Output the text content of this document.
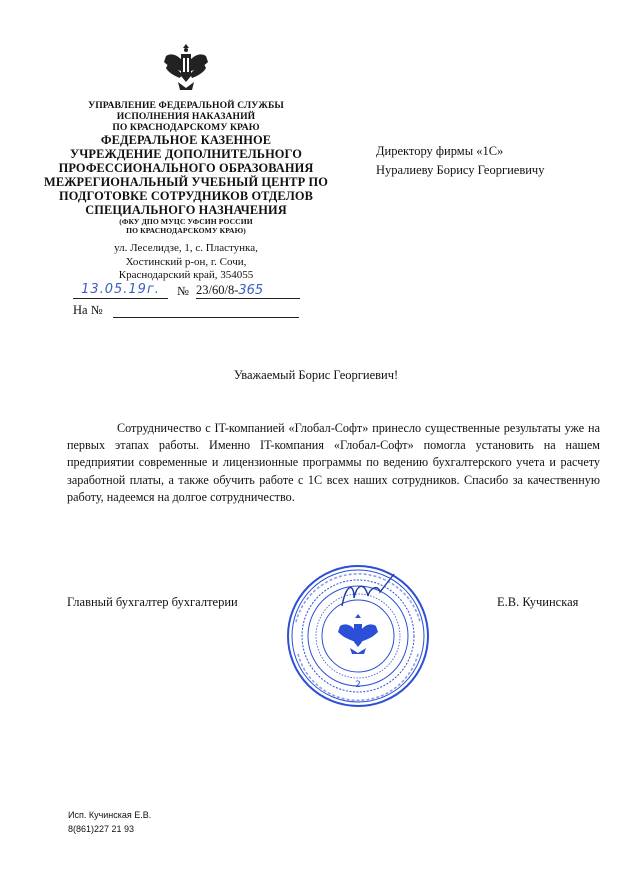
УПРАВЛЕНИЕ ФЕДЕРАЛЬНОЙ СЛУЖБЫ
ИСПОЛНЕНИЯ НАКАЗАНИЙ
ПО КРАСНОДАРСКОМУ КРАЮ
ФЕДЕРАЛЬНОЕ КАЗЕННОЕ
УЧРЕЖДЕНИЕ ДОПОЛНИТЕЛЬНОГО
ПРОФЕССИОНАЛЬНОГО ОБРАЗОВАНИЯ
МЕЖРЕГИОНАЛЬНЫЙ УЧЕБНЫЙ ЦЕНТР ПО
ПОДГОТОВКЕ СОТРУДНИКОВ ОТДЕЛОВ
СПЕЦИАЛЬНОГО НАЗНАЧЕНИЯ
(ФКУ ДПО МУЦС УФСИН РОССИИ
ПО КРАСНОДАРСКОМУ КРАЮ)
ул. Леселидзе, 1, с. Пластунка,
Хостинский р-он, г. Сочи,
Краснодарский край, 354055
13.05.19г.	№ 23/60/8-365
На №
Директору фирмы «1С»
Нуралиеву Борису Георгиевичу
Уважаемый Борис Георгиевич!
Сотрудничество с IT-компанией «Глобал-Софт» принесло существенные результаты уже на первых этапах работы. Именно IT-компания «Глобал-Софт» помогла установить на нашем предприятии современные и лицензионные программы по ведению бухгалтерского учета и расчету заработной платы, а также обучить работе с 1С всех наших сотрудников. Спасибо за качественную работу, надеемся на долгое сотрудничество.
Главный бухгалтер бухгалтерии	Е.В. Кучинская
2
Исп. Кучинская Е.В.
8(861)227 21 93
